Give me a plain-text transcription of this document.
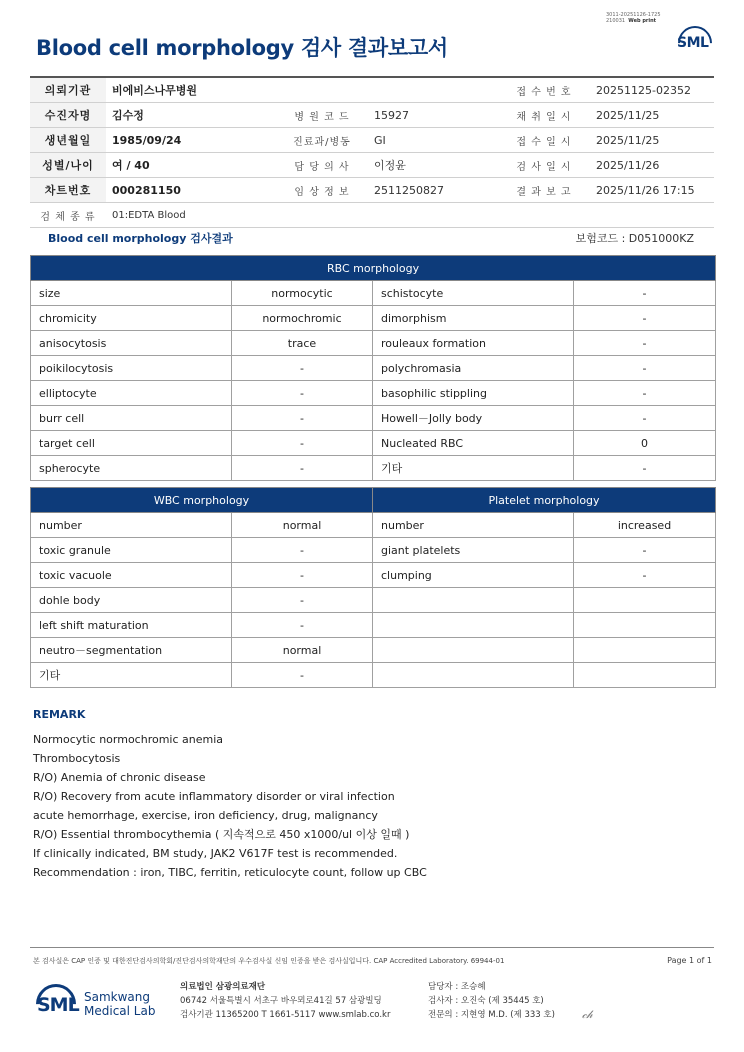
3011-20251126-1725
210031 Web print
Blood cell morphology 검사 결과보고서	SML
의뢰기관	비에비스나무병원			접 수 번 호	20251125-02352
수진자명	김수정	병 원 코 드	15927	채 취 일 시	2025/11/25
생년월일	1985/09/24	진료과/병동	GI	접 수 일 시	2025/11/25
성별/나이	여 / 40	담 당 의 사	이정윤	검 사 일 시	2025/11/26
차트번호	000281150	임 상 정 보	2511250827	결 과 보 고	2025/11/26 17:15
검 체 종 류	01:EDTA Blood				
Blood cell morphology 검사결과	보험코드 : D051000KZ
RBC morphology			
size	normocytic	schistocyte	-
chromicity	normochromic	dimorphism	-
anisocytosis	trace	rouleaux formation	-
poikilocytosis	-	polychromasia	-
elliptocyte	-	basophilic stippling	-
burr cell	-	Howell－Jolly body	-
target cell	-	Nucleated RBC	0
spherocyte	-	기타	-
WBC morphology		Platelet morphology	
number	normal	number	increased
toxic granule	-	giant platelets	-
toxic vacuole	-	clumping	-
dohle body	-		
left shift maturation	-		
neutro－segmentation	normal		
기타	-		
REMARK
Normocytic normochromic anemia
Thrombocytosis
R/O) Anemia of chronic disease
R/O) Recovery from acute inflammatory disorder or viral infection
acute hemorrhage, exercise, iron deficiency, drug, malignancy
R/O) Essential thrombocythemia ( 지속적으로 450 x1000/ul 이상 일때 )
If clinically indicated, BM study, JAK2 V617F test is recommended.
Recommendation : iron, TIBC, ferritin, reticulocyte count, follow up CBC
본 검사실은 CAP 인증 및 대한진단검사의학회/진단검사의학재단의 우수검사실 신임 인증을 받은 검사실입니다. CAP Accredited Laboratory. 69944-01	Page 1 of 1
SML Samkwang
Medical Lab
의료법인 삼광의료재단
06742 서울특별시 서초구 바우뫼로41길 57 삼광빌딩
검사기관 11365200 T 1661-5117 www.smlab.co.kr
담당자 : 조승혜
검사자 : 오진숙 (제 35445 호)
전문의 : 지현영 M.D. (제 333 호) 𝒸𝒽
